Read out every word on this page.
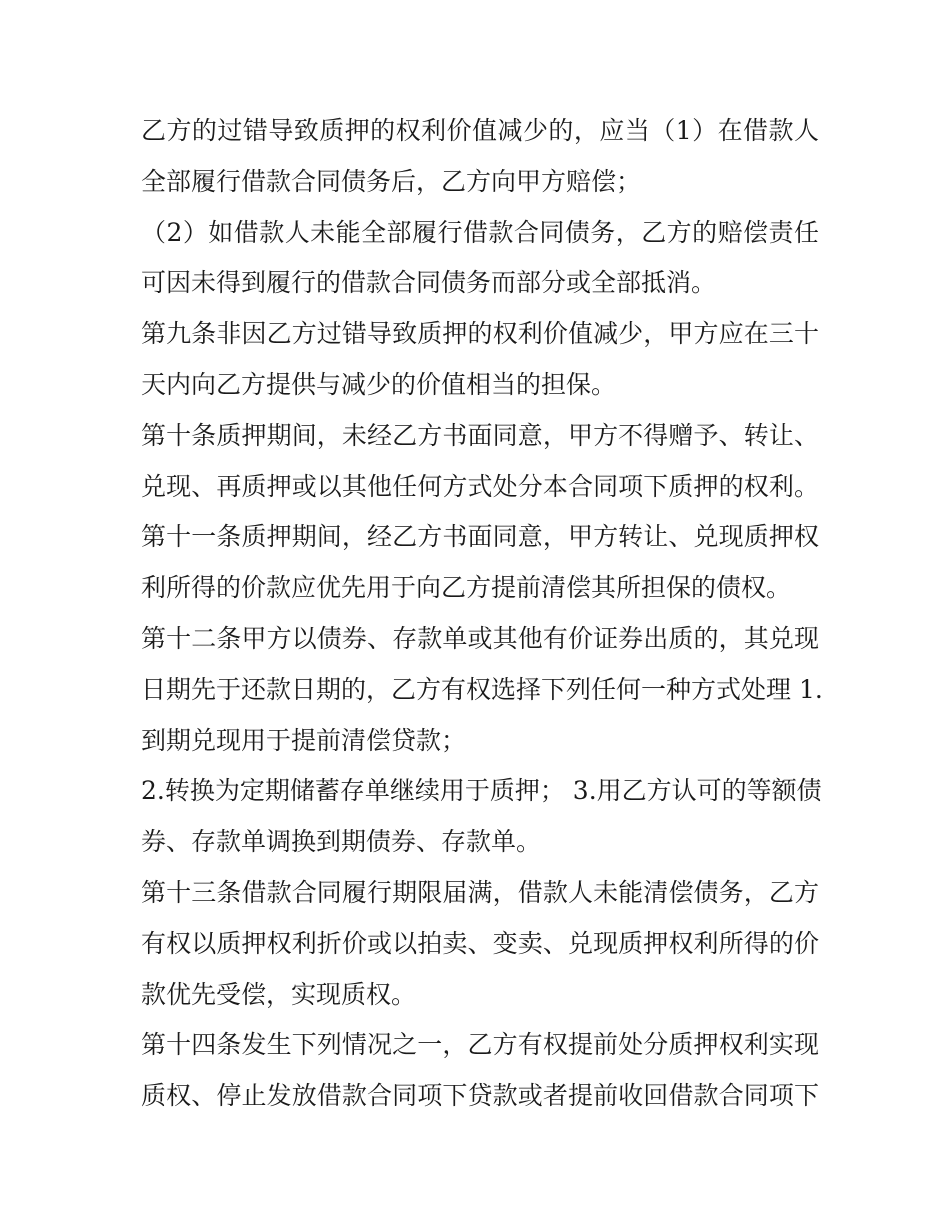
乙方的过错导致质押的权利价值减少的，应当（1）在借款人
全部履行借款合同债务后，乙方向甲方赔偿；
（2）如借款人未能全部履行借款合同债务，乙方的赔偿责任
可因未得到履行的借款合同债务而部分或全部抵消。
第九条非因乙方过错导致质押的权利价值减少，甲方应在三十
天内向乙方提供与减少的价值相当的担保。
第十条质押期间，未经乙方书面同意，甲方不得赠予、转让、
兑现、再质押或以其他任何方式处分本合同项下质押的权利。
第十一条质押期间，经乙方书面同意，甲方转让、兑现质押权
利所得的价款应优先用于向乙方提前清偿其所担保的债权。
第十二条甲方以债券、存款单或其他有价证券出质的，其兑现
日期先于还款日期的，乙方有权选择下列任何一种方式处理 1.
到期兑现用于提前清偿贷款；
2.转换为定期储蓄存单继续用于质押； 3.用乙方认可的等额债
券、存款单调换到期债券、存款单。
第十三条借款合同履行期限届满，借款人未能清偿债务，乙方
有权以质押权利折价或以拍卖、变卖、兑现质押权利所得的价
款优先受偿，实现质权。
第十四条发生下列情况之一，乙方有权提前处分质押权利实现
质权、停止发放借款合同项下贷款或者提前收回借款合同项下
